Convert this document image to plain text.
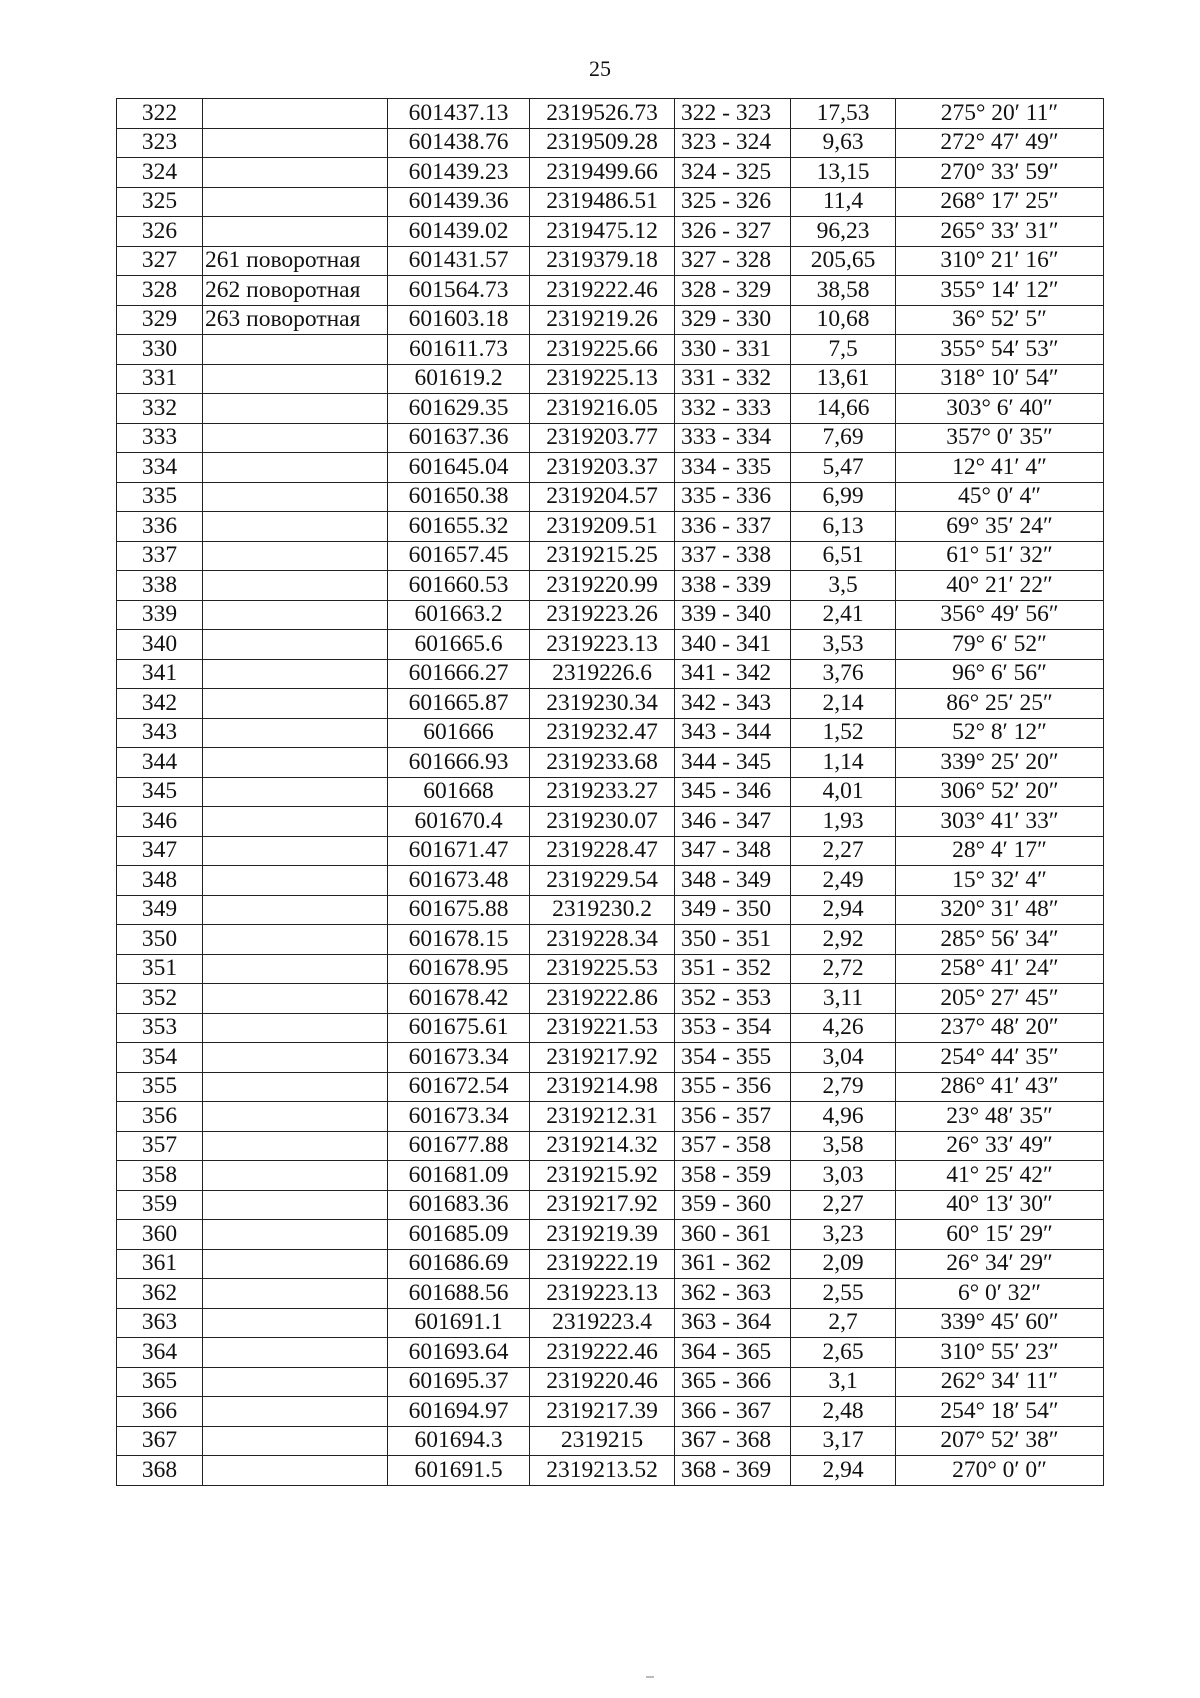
25
322		601437.13	2319526.73	322 - 323	17,53	275° 20′ 11″
323		601438.76	2319509.28	323 - 324	9,63	272° 47′ 49″
324		601439.23	2319499.66	324 - 325	13,15	270° 33′ 59″
325		601439.36	2319486.51	325 - 326	11,4	268° 17′ 25″
326		601439.02	2319475.12	326 - 327	96,23	265° 33′ 31″
327	261 поворотная	601431.57	2319379.18	327 - 328	205,65	310° 21′ 16″
328	262 поворотная	601564.73	2319222.46	328 - 329	38,58	355° 14′ 12″
329	263 поворотная	601603.18	2319219.26	329 - 330	10,68	36° 52′ 5″
330		601611.73	2319225.66	330 - 331	7,5	355° 54′ 53″
331		601619.2	2319225.13	331 - 332	13,61	318° 10′ 54″
332		601629.35	2319216.05	332 - 333	14,66	303° 6′ 40″
333		601637.36	2319203.77	333 - 334	7,69	357° 0′ 35″
334		601645.04	2319203.37	334 - 335	5,47	12° 41′ 4″
335		601650.38	2319204.57	335 - 336	6,99	45° 0′ 4″
336		601655.32	2319209.51	336 - 337	6,13	69° 35′ 24″
337		601657.45	2319215.25	337 - 338	6,51	61° 51′ 32″
338		601660.53	2319220.99	338 - 339	3,5	40° 21′ 22″
339		601663.2	2319223.26	339 - 340	2,41	356° 49′ 56″
340		601665.6	2319223.13	340 - 341	3,53	79° 6′ 52″
341		601666.27	2319226.6	341 - 342	3,76	96° 6′ 56″
342		601665.87	2319230.34	342 - 343	2,14	86° 25′ 25″
343		601666	2319232.47	343 - 344	1,52	52° 8′ 12″
344		601666.93	2319233.68	344 - 345	1,14	339° 25′ 20″
345		601668	2319233.27	345 - 346	4,01	306° 52′ 20″
346		601670.4	2319230.07	346 - 347	1,93	303° 41′ 33″
347		601671.47	2319228.47	347 - 348	2,27	28° 4′ 17″
348		601673.48	2319229.54	348 - 349	2,49	15° 32′ 4″
349		601675.88	2319230.2	349 - 350	2,94	320° 31′ 48″
350		601678.15	2319228.34	350 - 351	2,92	285° 56′ 34″
351		601678.95	2319225.53	351 - 352	2,72	258° 41′ 24″
352		601678.42	2319222.86	352 - 353	3,11	205° 27′ 45″
353		601675.61	2319221.53	353 - 354	4,26	237° 48′ 20″
354		601673.34	2319217.92	354 - 355	3,04	254° 44′ 35″
355		601672.54	2319214.98	355 - 356	2,79	286° 41′ 43″
356		601673.34	2319212.31	356 - 357	4,96	23° 48′ 35″
357		601677.88	2319214.32	357 - 358	3,58	26° 33′ 49″
358		601681.09	2319215.92	358 - 359	3,03	41° 25′ 42″
359		601683.36	2319217.92	359 - 360	2,27	40° 13′ 30″
360		601685.09	2319219.39	360 - 361	3,23	60° 15′ 29″
361		601686.69	2319222.19	361 - 362	2,09	26° 34′ 29″
362		601688.56	2319223.13	362 - 363	2,55	6° 0′ 32″
363		601691.1	2319223.4	363 - 364	2,7	339° 45′ 60″
364		601693.64	2319222.46	364 - 365	2,65	310° 55′ 23″
365		601695.37	2319220.46	365 - 366	3,1	262° 34′ 11″
366		601694.97	2319217.39	366 - 367	2,48	254° 18′ 54″
367		601694.3	2319215	367 - 368	3,17	207° 52′ 38″
368		601691.5	2319213.52	368 - 369	2,94	270° 0′ 0″
